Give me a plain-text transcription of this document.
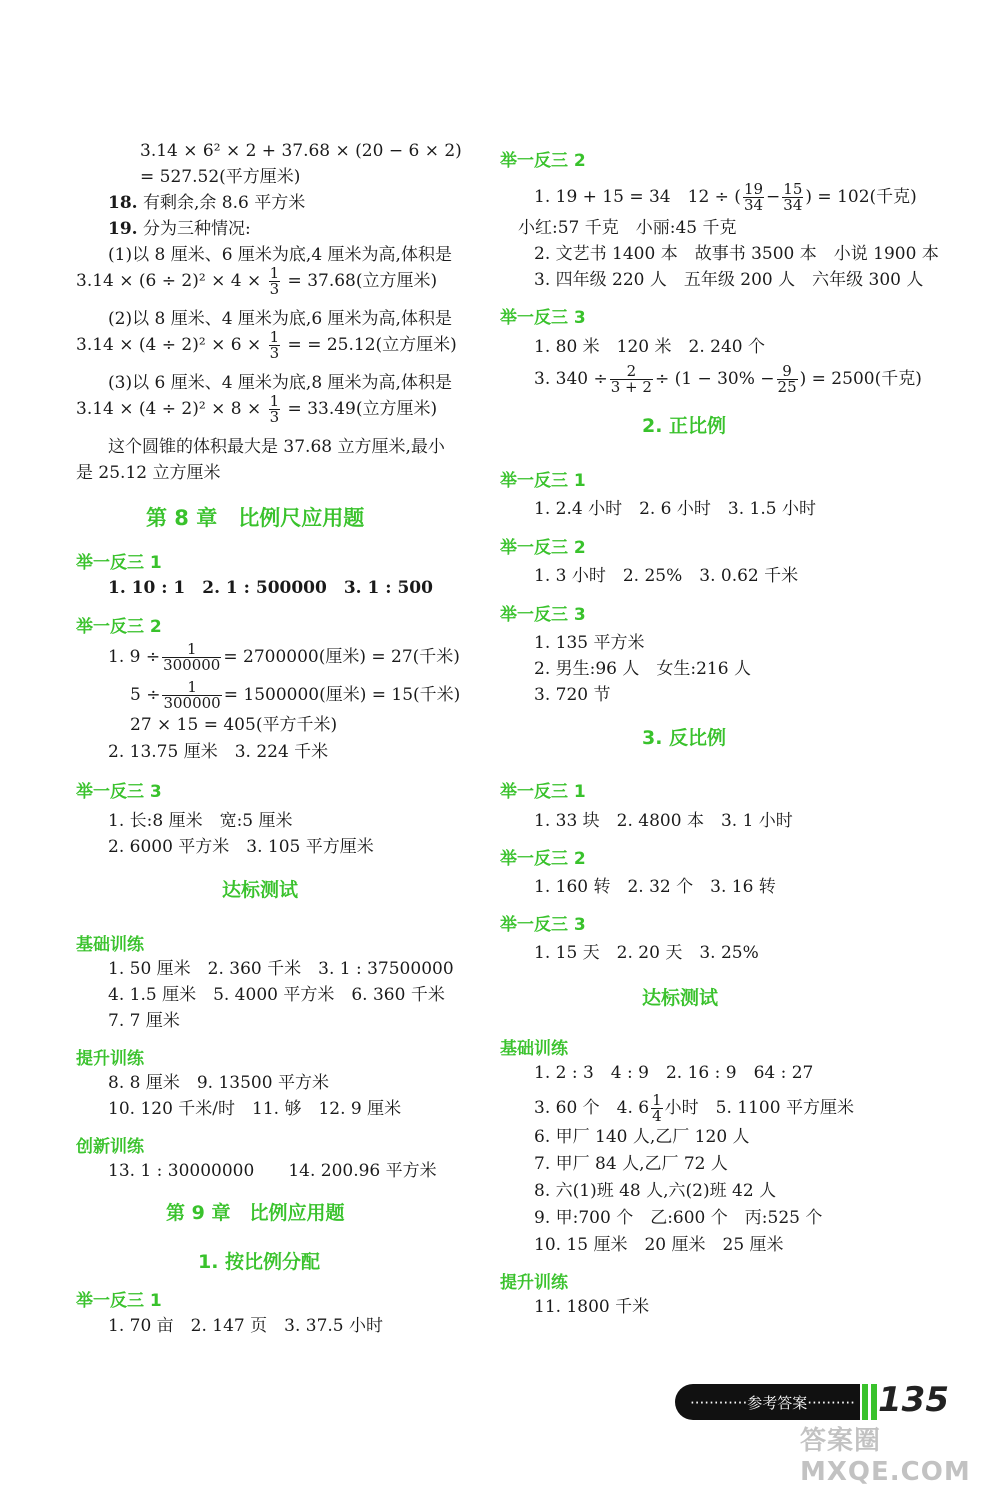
3.14 × 6² × 2 + 37.68 × (20 − 6 × 2)
= 527.52(平方厘米)
18. 有剩余,余 8.6 平方米
19. 分为三种情况:
(1)以 8 厘米、6 厘米为底,4 厘米为高,体积是
$3.14 \times (6 \div 2)^2 \times 4 \times \frac{1}{3} = 37.68$(立方厘米)
(2)以 8 厘米、4 厘米为底,6 厘米为高,体积是
$3.14 \times (4 \div 2)^2 \times 6 \times \frac{1}{3}$ = = 25.12(立方厘米)
(3)以 6 厘米、4 厘米为底,8 厘米为高,体积是
$3.14 \times (4 \div 2)^2 \times 8 \times \frac{1}{3} = 33.49$(立方厘米)
这个圆锥的体积最大是 37.68 立方厘米,最小
是 25.12 立方厘米
第 8 章　比例尺应用题
举一反三 1
1. 10 : 1　2. 1 : 500000　3. 1 : 500
举一反三 2
1. $9 \div \frac{1}{300000} = 2700000$(厘米) = 27(千米)
$5 \div \frac{1}{300000} = 1500000$(厘米) = 15(千米)
27 × 15 = 405(平方千米)
2. 13.75 厘米　3. 224 千米
举一反三 3
1. 长:8 厘米　宽:5 厘米
2. 6000 平方米　3. 105 平方厘米
达标测试
基础训练
1. 50 厘米　2. 360 千米　3. 1 : 37500000
4. 1.5 厘米　5. 4000 平方米　6. 360 千米
7. 7 厘米
提升训练
8. 8 厘米　9. 13500 平方米
10. 120 千米/时　11. 够　12. 9 厘米
创新训练
13. 1 : 30000000　　14. 200.96 平方米
第 9 章　比例应用题
1. 按比例分配
举一反三 1
1. 70 亩　2. 147 页　3. 37.5 小时
举一反三 2
1. 19 + 15 = 34　12 ÷ ( $\frac{19}{34} - \frac{15}{34}$ ) = 102(千克)
小红:57 千克　小丽:45 千克
2. 文艺书 1400 本　故事书 3500 本　小说 1900 本
3. 四年级 220 人　五年级 200 人　六年级 300 人
举一反三 3
1. 80 米　120 米　2. 240 个
3. $340 \div \frac{2}{3 + 2} \div (1 - 30\% - \frac{9}{25}$ ) = 2500(千克)
2. 正比例
举一反三 1
1. 2.4 小时　2. 6 小时　3. 1.5 小时
举一反三 2
1. 3 小时　2. 25%　3. 0.62 千米
举一反三 3
1. 135 平方米
2. 男生:96 人　女生:216 人
3. 720 节
3. 反比例
举一反三 1
1. 33 块　2. 4800 本　3. 1 小时
举一反三 2
1. 160 转　2. 32 个　3. 16 转
举一反三 3
1. 15 天　2. 20 天　3. 25%
达标测试
基础训练
1. 2 : 3　4 : 9　2. 16 : 9　64 : 27
3. 60 个　4. $6 \frac{1}{4}$ 小时　5. 1100 平方厘米
6. 甲厂 140 人,乙厂 120 人
7. 甲厂 84 人,乙厂 72 人
8. 六(1)班 48 人,六(2)班 42 人
9. 甲:700 个　乙:600 个　丙:525 个
10. 15 厘米　20 厘米　25 厘米
提升训练
11. 1800 千米
············参考答案·········· 135
答案圈 MXQE.COM
